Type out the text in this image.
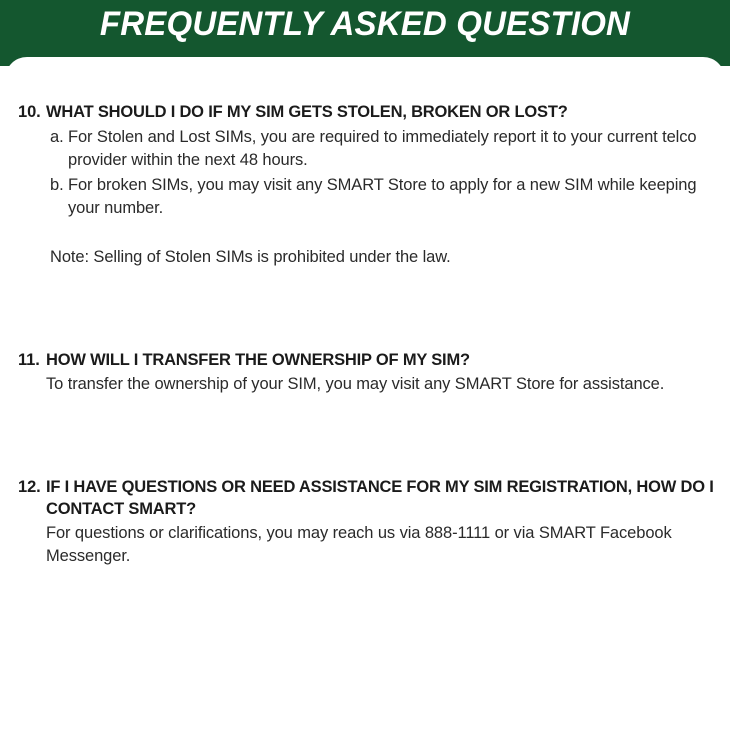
FREQUENTLY ASKED QUESTION
10. WHAT SHOULD I DO IF MY SIM GETS STOLEN, BROKEN OR LOST?
a. For Stolen and Lost SIMs, you are required to immediately report it to your current telco provider within the next 48 hours.
b. For broken SIMs, you may visit any SMART Store to apply for a new SIM while keeping your number.
Note: Selling of Stolen SIMs is prohibited under the law.
11. HOW WILL I TRANSFER THE OWNERSHIP OF MY SIM?
To transfer the ownership of your SIM, you may visit any SMART Store for assistance.
12. IF I HAVE QUESTIONS OR NEED ASSISTANCE FOR MY SIM REGISTRATION, HOW DO I CONTACT SMART?
For questions or clarifications, you may reach us via 888-1111 or via SMART Facebook Messenger.
